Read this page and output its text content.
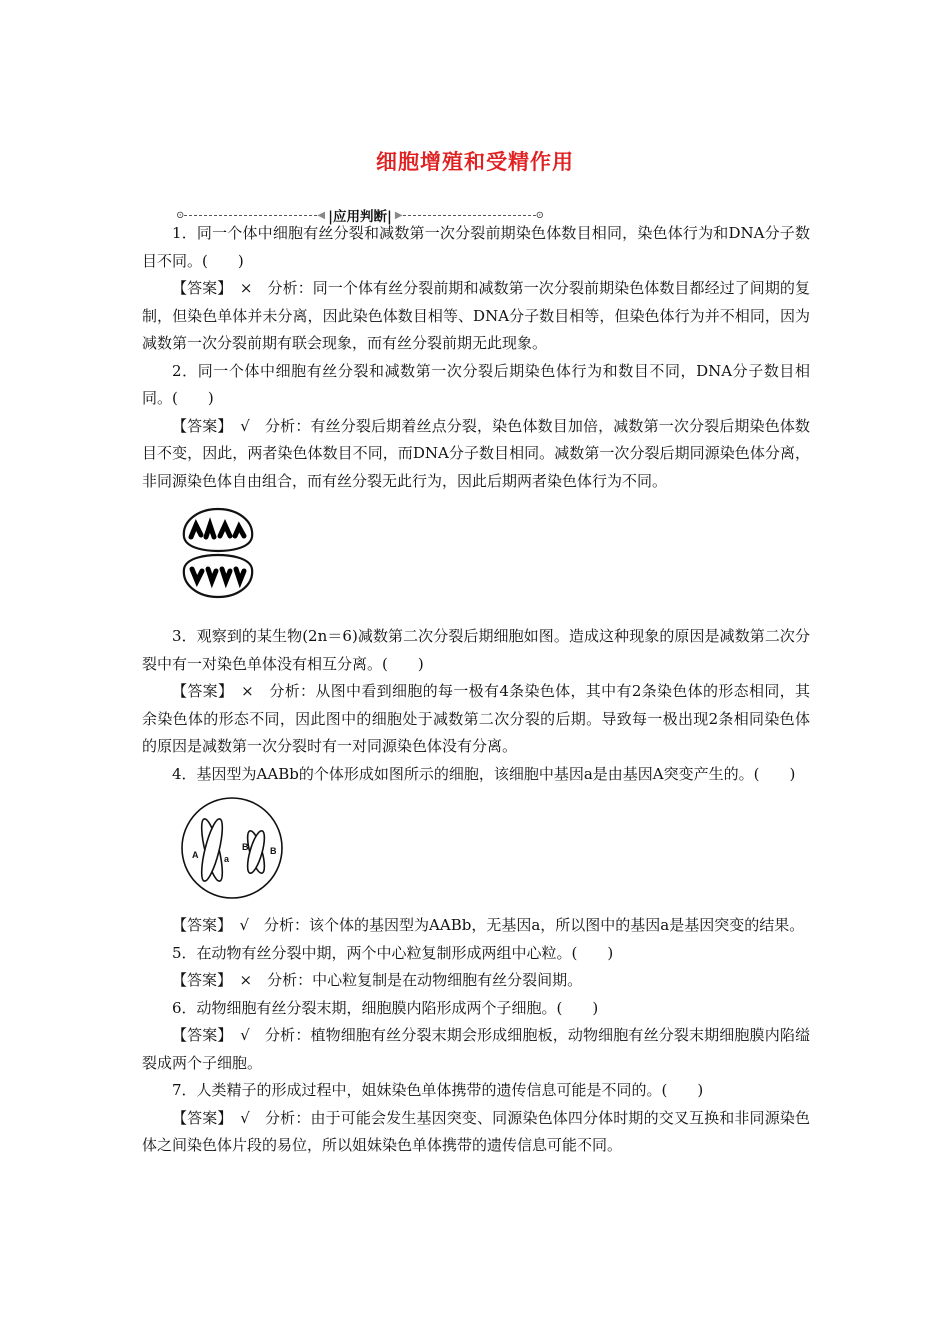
细胞增殖和受精作用
⊙	◀ |应用判断| ▶	⊙

1．同一个体中细胞有丝分裂和减数第一次分裂前期染色体数目相同，染色体行为和DNA分子数目不同。(　　)

【答案】　×　分析：同一个体有丝分裂前期和减数第一次分裂前期染色体数目都经过了间期的复制，但染色单体并未分离，因此染色体数目相等、DNA分子数目相等，但染色体行为并不相同，因为减数第一次分裂前期有联会现象，而有丝分裂前期无此现象。

2．同一个体中细胞有丝分裂和减数第一次分裂后期染色体行为和数目不同，DNA分子数目相同。(　　)

【答案】　√　分析：有丝分裂后期着丝点分裂，染色体数目加倍，减数第一次分裂后期染色体数目不变，因此，两者染色体数目不同，而DNA分子数目相同。减数第一次分裂后期同源染色体分离，非同源染色体自由组合，而有丝分裂无此行为，因此后期两者染色体行为不同。

3．观察到的某生物(2n＝6)减数第二次分裂后期细胞如图。造成这种现象的原因是减数第二次分裂中有一对染色单体没有相互分离。(　　)

【答案】　×　分析：从图中看到细胞的每一极有4条染色体，其中有2条染色体的形态相同，其余染色体的形态不同，因此图中的细胞处于减数第二次分裂的后期。导致每一极出现2条相同染色体的原因是减数第一次分裂时有一对同源染色体没有分离。

4．基因型为AABb的个体形成如图所示的细胞，该细胞中基因a是由基因A突变产生的。(　　)

A	a
B B

【答案】　√　分析：该个体的基因型为AABb，无基因a，所以图中的基因a是基因突变的结果。

5．在动物有丝分裂中期，两个中心粒复制形成两组中心粒。(　　)

【答案】　×　分析：中心粒复制是在动物细胞有丝分裂间期。

6．动物细胞有丝分裂末期，细胞膜内陷形成两个子细胞。(　　)

【答案】　√　分析：植物细胞有丝分裂末期会形成细胞板，动物细胞有丝分裂末期细胞膜内陷缢裂成两个子细胞。

7．人类精子的形成过程中，姐妹染色单体携带的遗传信息可能是不同的。(　　)

【答案】　√　分析：由于可能会发生基因突变、同源染色体四分体时期的交叉互换和非同源染色体之间染色体片段的易位，所以姐妹染色单体携带的遗传信息可能不同。
